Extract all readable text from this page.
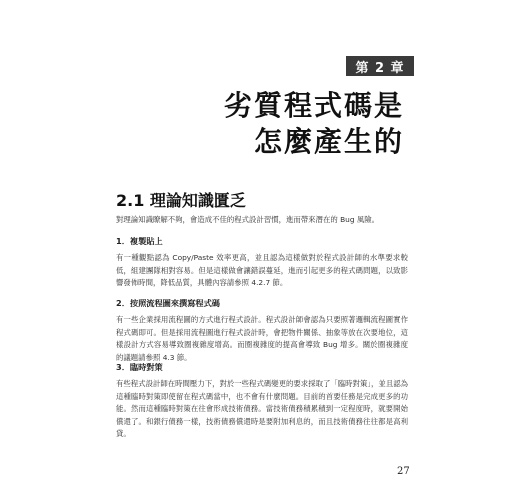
第 2 章
劣質程式碼是
怎麼產生的
2.1 理論知識匱乏
對理論知識瞭解不夠，會造成不佳的程式設計習慣，進而帶來潛在的 Bug 風險。
1．複製貼上
有一種觀點認為 Copy/Paste 效率更高，並且認為這樣做對於程式設計師的水準要求較低，組建團隊相對容易。但是這樣做會讓錯誤蔓延，進而引起更多的程式碼問題，以致影響發佈時間，降低品質，具體內容請參照 4.2.7 節。
2．按照流程圖來撰寫程式碼
有一些企業採用流程圖的方式進行程式設計。程式設計師會認為只要照著邏輯流程圖實作程式碼即可。但是採用流程圖進行程式設計時，會把物件關係、抽象等放在次要地位，這樣設計方式容易導致圈複雜度增高。而圈複雜度的提高會導致 Bug 增多。關於圈複雜度的議題請參照 4.3 節。
3．臨時對策
有些程式設計師在時間壓力下，對於一些程式碼變更的要求採取了「臨時對策」，並且認為這種臨時對策即使留在程式碼當中，也不會有什麼問題。目前的首要任務是完成更多的功能。然而這種臨時對策在往會形成技術債務。當技術債務積累積到一定程度時，就要開始償還了。和銀行債務一樣，技術債務償還時是要附加利息的，而且技術債務往往都是高利貸。
27
